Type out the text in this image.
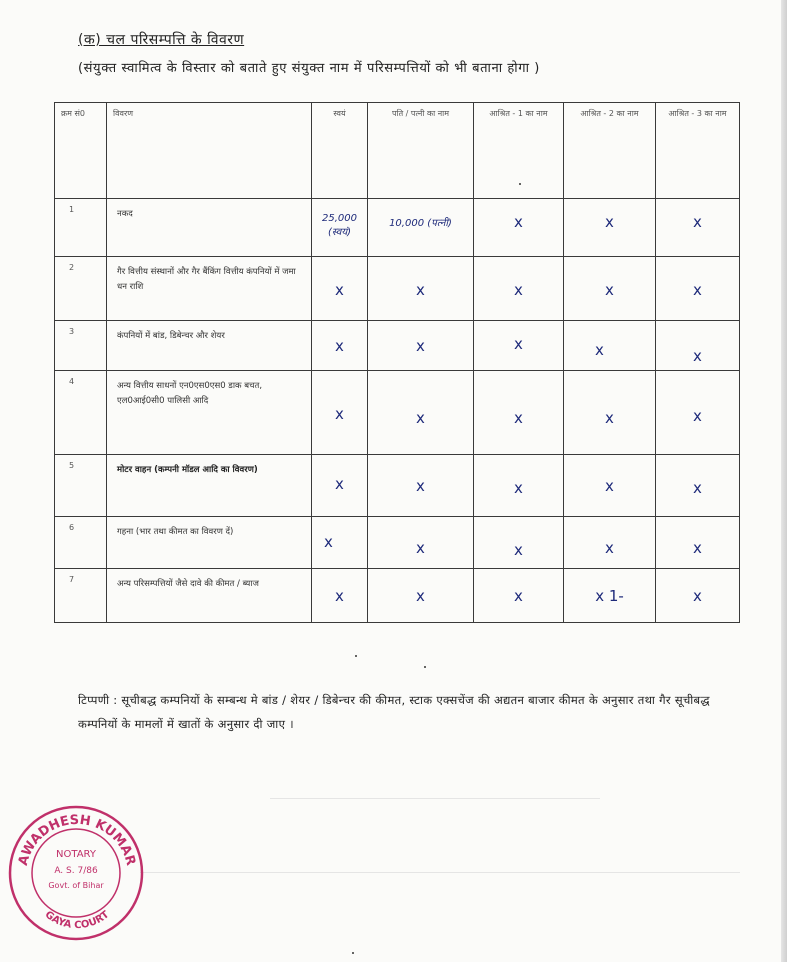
(क) चल परिसम्पत्ति के विवरण
(संयुक्त स्वामित्व के विस्तार को बताते हुए संयुक्त नाम में परिसम्पत्तियों को भी बताना होगा )
क्रम सं0	विवरण	स्वयं	पति / पत्नी का नाम	आश्रित - 1 का नाम	आश्रित - 2 का नाम	आश्रित - 3 का नाम

1	नकद	25,000 (स्वयं)	10,000 (पत्नी)	x	x	x

2	गैर वित्तीय संस्थानों और गैर बैंकिंग वित्तीय कंपनियों में जमा धन राशि	x	x	x	x	x

3	कंपनियों में बांड, डिबेन्चर और शेयर	x	x	x	x	x

4	अन्य वित्तीय साधनों एन0एस0एस0 डाक बचत, एल0आई0सी0 पालिसी आदि	x	x	x	x	x

5	मोटर वाहन (कम्पनी मॉडल आदि का विवरण)	x	x	x	x	x

6	गहना (भार तथा कीमत का विवरण दें)	x	x	x	x	x

7	अन्य परिसम्पत्तियों जैसे दावे की कीमत / ब्याज	x	x	x	x 1-	x
टिप्पणी : सूचीबद्ध कम्पनियों के सम्बन्ध मे बांड / शेयर / डिबेन्चर की कीमत, स्टाक एक्सचेंज की अद्यतन बाजार कीमत के अनुसार तथा गैर सूचीबद्ध कम्पनियों के मामलों में खातों के अनुसार दी जाए ।
AWADHESH KUMAR
GAYA COURT
NOTARY
A. S. 7/86
Govt. of Bihar
